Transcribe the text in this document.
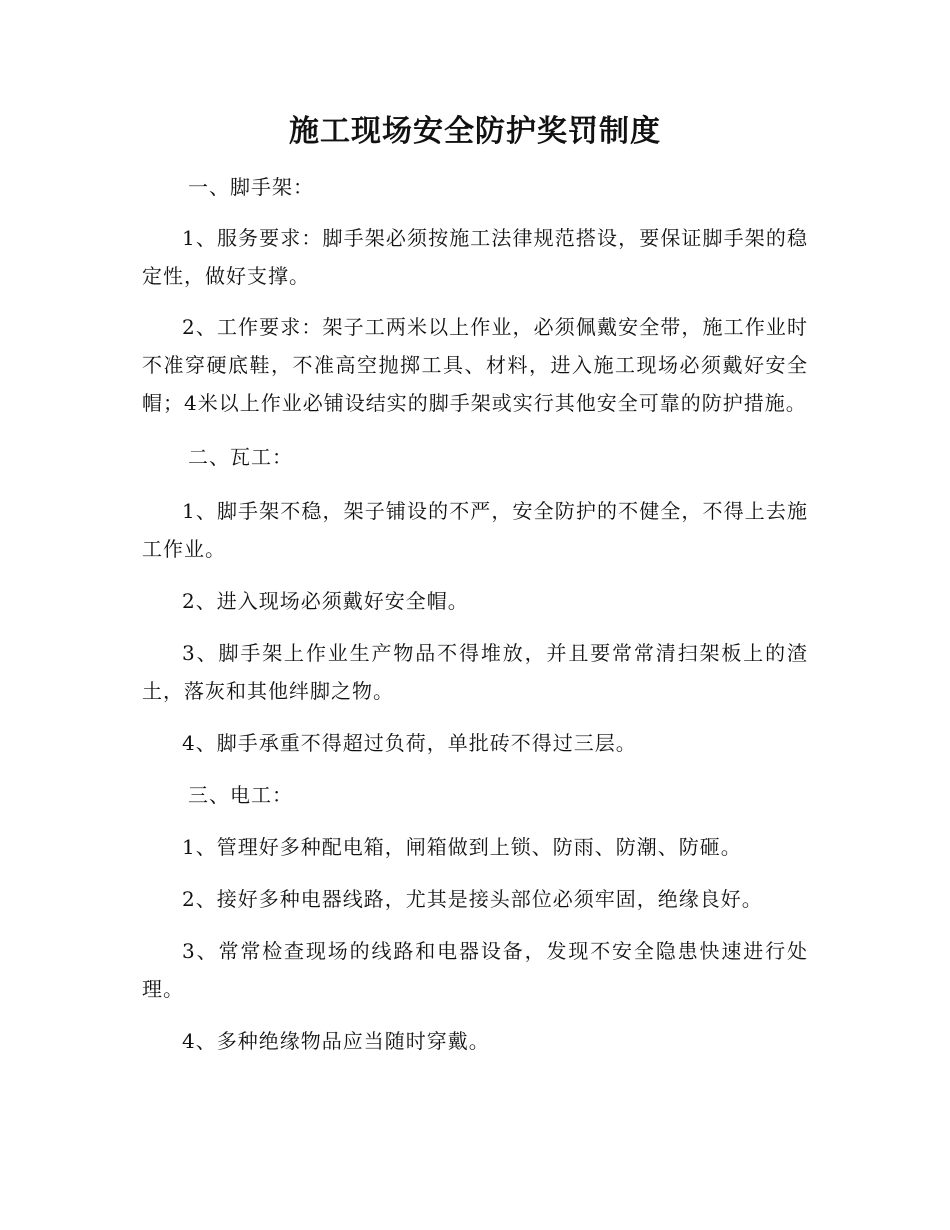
施工现场安全防护奖罚制度

一、脚手架：

1、服务要求：脚手架必须按施工法律规范搭设，要保证脚手架的稳定性，做好支撑。

2、工作要求：架子工两米以上作业，必须佩戴安全带，施工作业时不准穿硬底鞋，不准高空抛掷工具、材料，进入施工现场必须戴好安全帽；4米以上作业必铺设结实的脚手架或实行其他安全可靠的防护措施。

二、瓦工：

1、脚手架不稳，架子铺设的不严，安全防护的不健全，不得上去施工作业。

2、进入现场必须戴好安全帽。

3、脚手架上作业生产物品不得堆放，并且要常常清扫架板上的渣土，落灰和其他绊脚之物。

4、脚手承重不得超过负荷，单批砖不得过三层。

三、电工：

1、管理好多种配电箱，闸箱做到上锁、防雨、防潮、防砸。

2、接好多种电器线路，尤其是接头部位必须牢固，绝缘良好。

3、常常检查现场的线路和电器设备，发现不安全隐患快速进行处理。

4、多种绝缘物品应当随时穿戴。
